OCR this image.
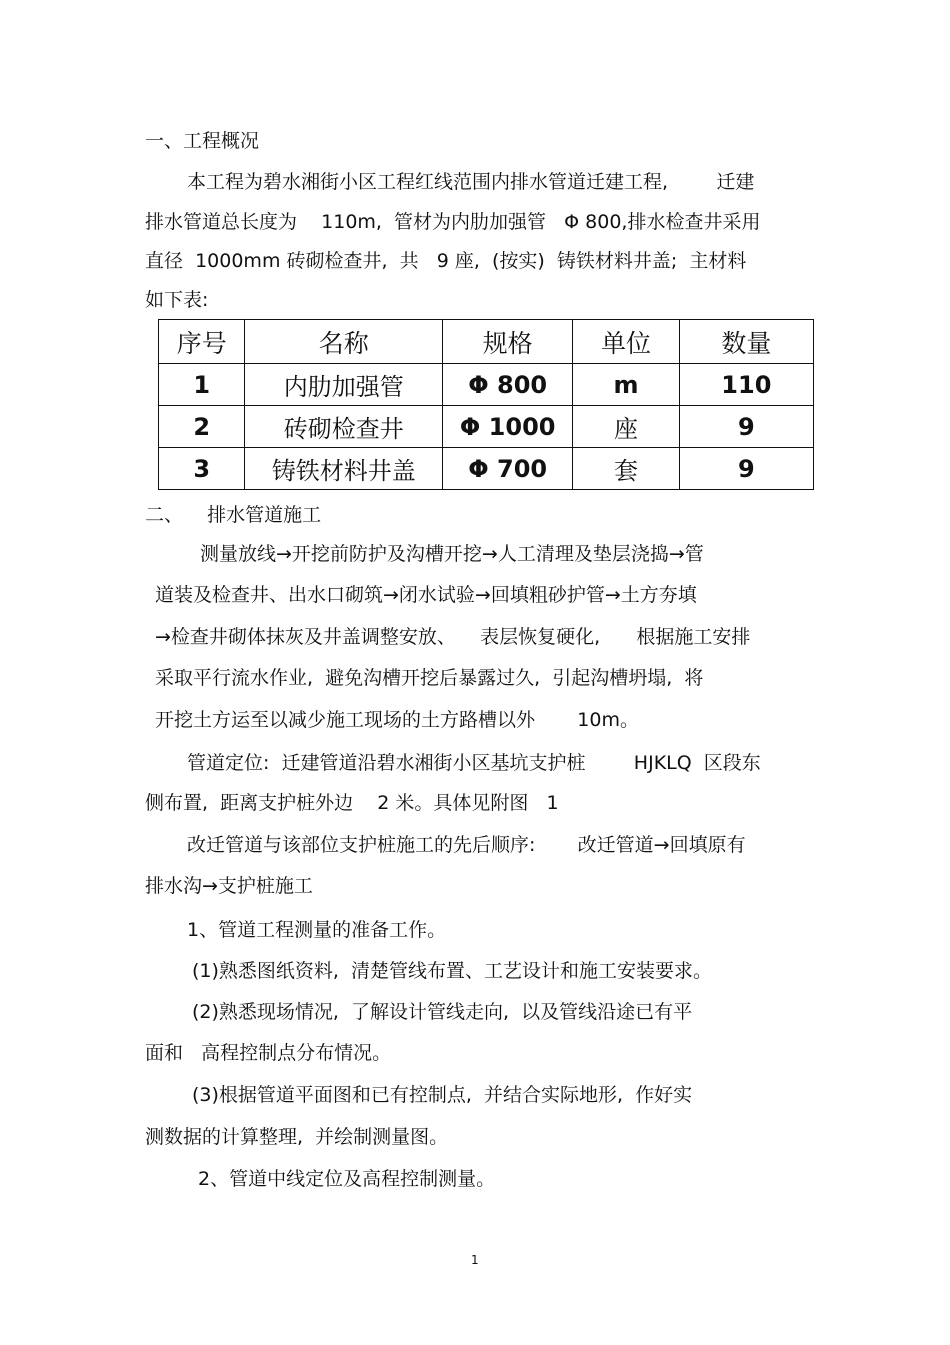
一、工程概况
本工程为碧水湘街小区工程红线范围内排水管道迁建工程,        迁建
排水管道总长度为    110m,  管材为内肋加强管   Φ 800,排水检查井采用
直径  1000mm 砖砌检查井,  共   9 座,  (按实)  铸铁材料井盖;  主材料
如下表:
序号	名称	规格	单位	数量
1	内肋加强管	Φ 800	m	110
2	砖砌检查井	Φ 1000	座	9
3	铸铁材料井盖	Φ 700	套	9
二、    排水管道施工
测量放线→开挖前防护及沟槽开挖→人工清理及垫层浇捣→管
道装及检查井、出水口砌筑→闭水试验→回填粗砂护管→土方夯填
→检查井砌体抹灰及井盖调整安放、    表层恢复硬化,      根据施工安排
采取平行流水作业,  避免沟槽开挖后暴露过久,  引起沟槽坍塌,  将
开挖土方运至以减少施工现场的土方路槽以外       10m。
管道定位:  迁建管道沿碧水湘街小区基坑支护桩        HJKLQ  区段东
侧布置,  距离支护桩外边    2 米。具体见附图   1
改迁管道与该部位支护桩施工的先后顺序:       改迁管道→回填原有
排水沟→支护桩施工
1、管道工程测量的准备工作。
(1)熟悉图纸资料,  清楚管线布置、工艺设计和施工安装要求。
(2)熟悉现场情况,  了解设计管线走向,  以及管线沿途已有平
面和   高程控制点分布情况。
(3)根据管道平面图和已有控制点,  并结合实际地形,  作好实
测数据的计算整理,  并绘制测量图。
2、管道中线定位及高程控制测量。
1
